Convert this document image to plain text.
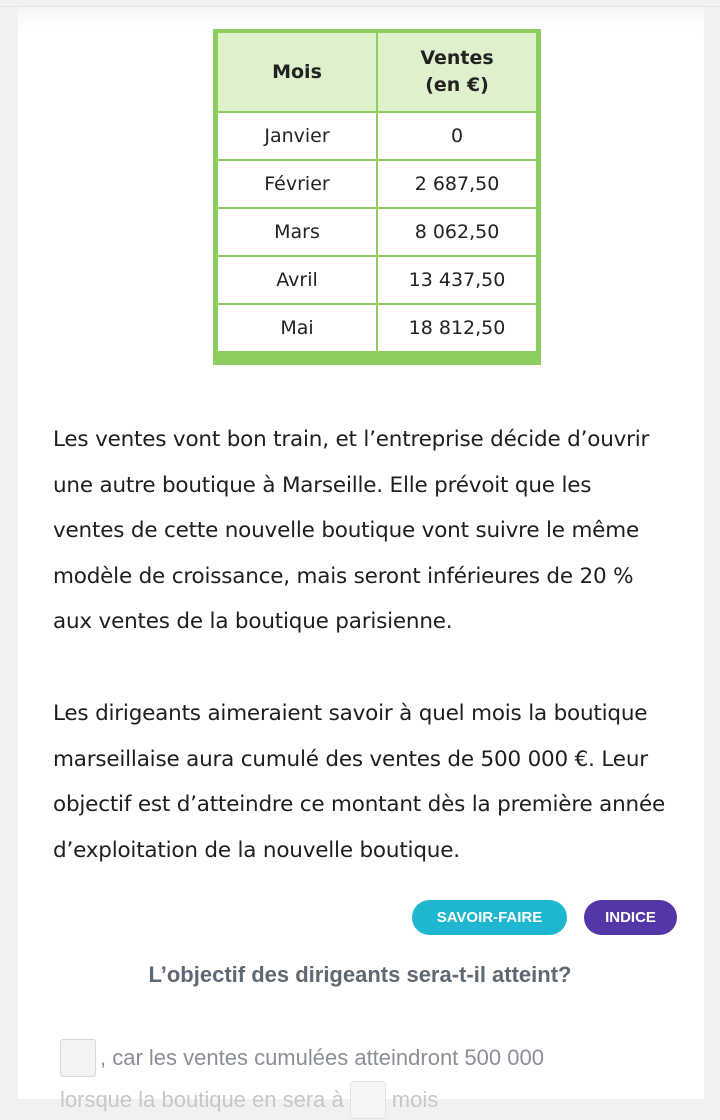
Mois	Ventes
(en €)

Janvier	0
Février	2 687,50
Mars	8 062,50
Avril	13 437,50
Mai	18 812,50

Les ventes vont bon train, et l’entreprise décide d’ouvrir

une autre boutique à Marseille. Elle prévoit que les

ventes de cette nouvelle boutique vont suivre le même

modèle de croissance, mais seront inférieures de 20 %

aux ventes de la boutique parisienne.

Les dirigeants aimeraient savoir à quel mois la boutique

marseillaise aura cumulé des ventes de 500 000 €. Leur

objectif est d’atteindre ce montant dès la première année

d’exploitation de la nouvelle boutique.

SAVOIR-FAIRE	INDICE
L’objectif des dirigeants sera-t-il atteint?
, car les ventes cumulées atteindront 500 000
lorsque la boutique en sera à mois
